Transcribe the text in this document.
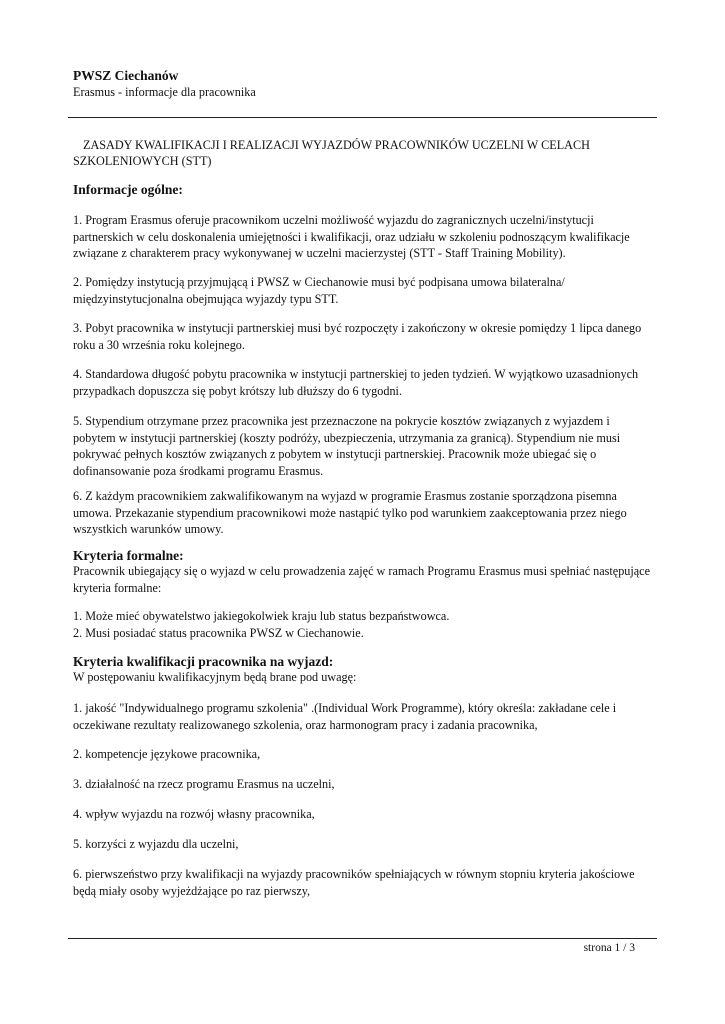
PWSZ Ciechanów
Erasmus - informacje dla pracownika
ZASADY KWALIFIKACJI I REALIZACJI WYJAZDÓW PRACOWNIKÓW UCZELNI W CELACH SZKOLENIOWYCH (STT)
Informacje ogólne:

1. Program Erasmus oferuje pracownikom uczelni możliwość wyjazdu do zagranicznych uczelni/instytucji partnerskich w celu doskonalenia umiejętności i kwalifikacji, oraz udziału w szkoleniu podnoszącym kwalifikacje związane z charakterem pracy wykonywanej w uczelni macierzystej (STT - Staff Training Mobility).

2. Pomiędzy instytucją przyjmującą i PWSZ w Ciechanowie musi być podpisana umowa bilateralna/ międzyinstytucjonalna obejmująca wyjazdy typu STT.

3. Pobyt pracownika w instytucji partnerskiej musi być rozpoczęty i zakończony w okresie pomiędzy 1 lipca danego roku a 30 września roku kolejnego.

4. Standardowa długość pobytu pracownika w instytucji partnerskiej to jeden tydzień. W wyjątkowo uzasadnionych przypadkach dopuszcza się pobyt krótszy lub dłuższy do 6 tygodni.

5. Stypendium otrzymane przez pracownika jest przeznaczone na pokrycie kosztów związanych z wyjazdem i pobytem w instytucji partnerskiej (koszty podróży, ubezpieczenia, utrzymania za granicą). Stypendium nie musi pokrywać pełnych kosztów związanych z pobytem w instytucji partnerskiej. Pracownik może ubiegać się o dofinansowanie poza środkami programu Erasmus.

6. Z każdym pracownikiem zakwalifikowanym na wyjazd w programie Erasmus zostanie sporządzona pisemna umowa. Przekazanie stypendium pracownikowi może nastąpić tylko pod warunkiem zaakceptowania przez niego wszystkich warunków umowy.

Kryteria formalne:

Pracownik ubiegający się o wyjazd w celu prowadzenia zajęć w ramach Programu Erasmus musi spełniać następujące kryteria formalne:

1. Może mieć obywatelstwo jakiegokolwiek kraju lub status bezpaństwowca.

2. Musi posiadać status pracownika PWSZ w Ciechanowie.

Kryteria kwalifikacji pracownika na wyjazd:

W postępowaniu kwalifikacyjnym będą brane pod uwagę:

1. jakość "Indywidualnego programu szkolenia" .(Individual Work Programme), który określa: zakładane cele i oczekiwane rezultaty realizowanego szkolenia, oraz harmonogram pracy i zadania pracownika,

2. kompetencje językowe pracownika,

3. działalność na rzecz programu Erasmus na uczelni,

4. wpływ wyjazdu na rozwój własny pracownika,

5. korzyści z wyjazdu dla uczelni,

6. pierwszeństwo przy kwalifikacji na wyjazdy pracowników spełniających w równym stopniu kryteria jakościowe będą miały osoby wyjeżdżające po raz pierwszy,

strona 1 / 3
